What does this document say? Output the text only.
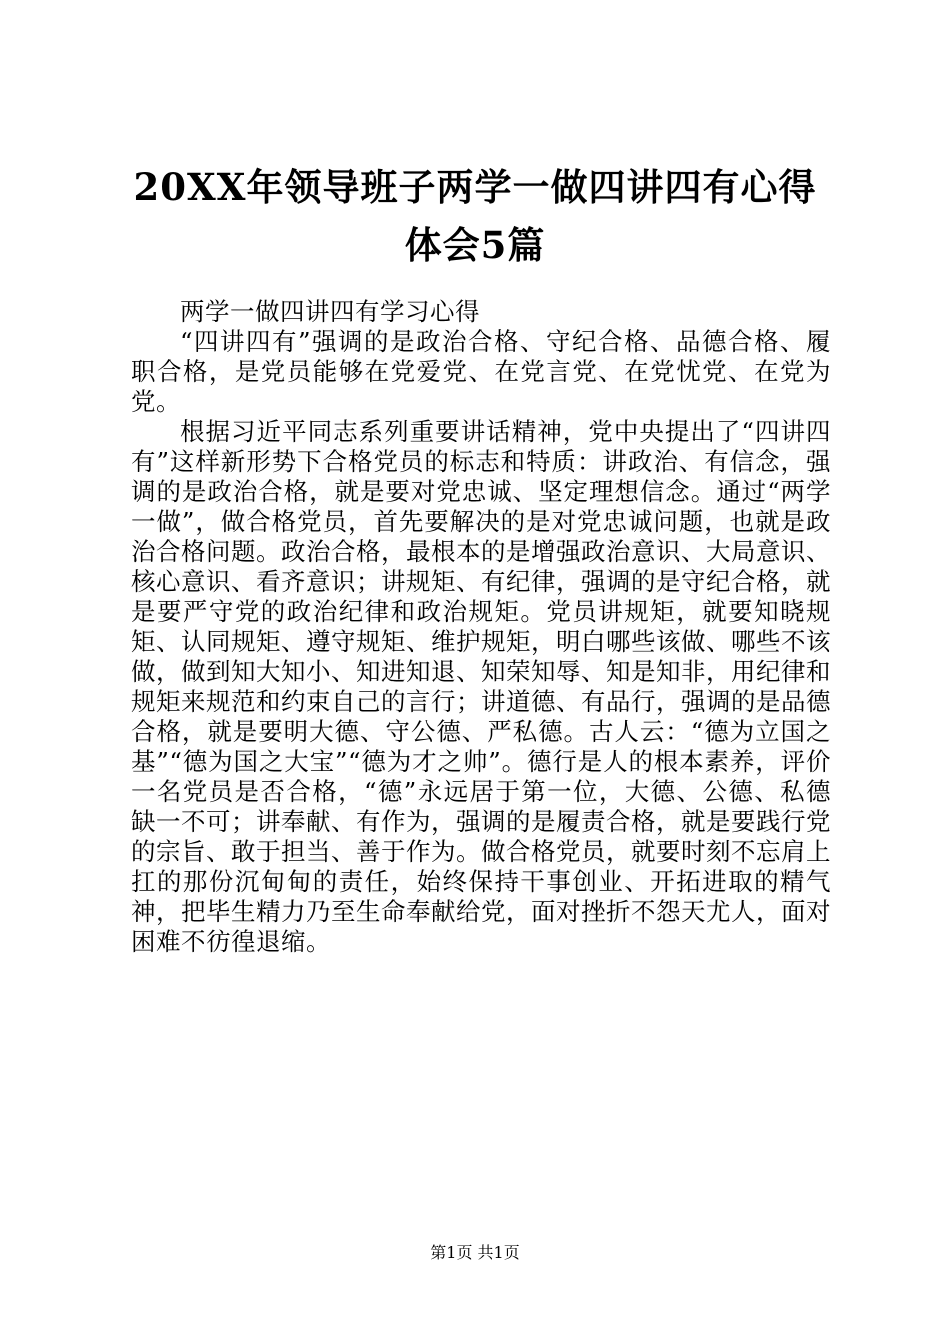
20XX年领导班子两学一做四讲四有心得体会5篇

两学一做四讲四有学习心得

“四讲四有”强调的是政治合格、守纪合格、品德合格、履职合格，是党员能够在党爱党、在党言党、在党忧党、在党为党。

根据习近平同志系列重要讲话精神，党中央提出了“四讲四有”这样新形势下合格党员的标志和特质：讲政治、有信念，强调的是政治合格，就是要对党忠诚、坚定理想信念。通过“两学一做”，做合格党员，首先要解决的是对党忠诚问题，也就是政治合格问题。政治合格，最根本的是增强政治意识、大局意识、核心意识、看齐意识；讲规矩、有纪律，强调的是守纪合格，就是要严守党的政治纪律和政治规矩。党员讲规矩，就要知晓规矩、认同规矩、遵守规矩、维护规矩，明白哪些该做、哪些不该做，做到知大知小、知进知退、知荣知辱、知是知非，用纪律和规矩来规范和约束自己的言行；讲道德、有品行，强调的是品德合格，就是要明大德、守公德、严私德。古人云：“德为立国之基”“德为国之大宝”“德为才之帅”。德行是人的根本素养，评价一名党员是否合格，“德”永远居于第一位，大德、公德、私德缺一不可；讲奉献、有作为，强调的是履责合格，就是要践行党的宗旨、敢于担当、善于作为。做合格党员，就要时刻不忘肩上扛的那份沉甸甸的责任，始终保持干事创业、开拓进取的精气神，把毕生精力乃至生命奉献给党，面对挫折不怨天尤人，面对困难不彷徨退缩。

第1页 共1页
